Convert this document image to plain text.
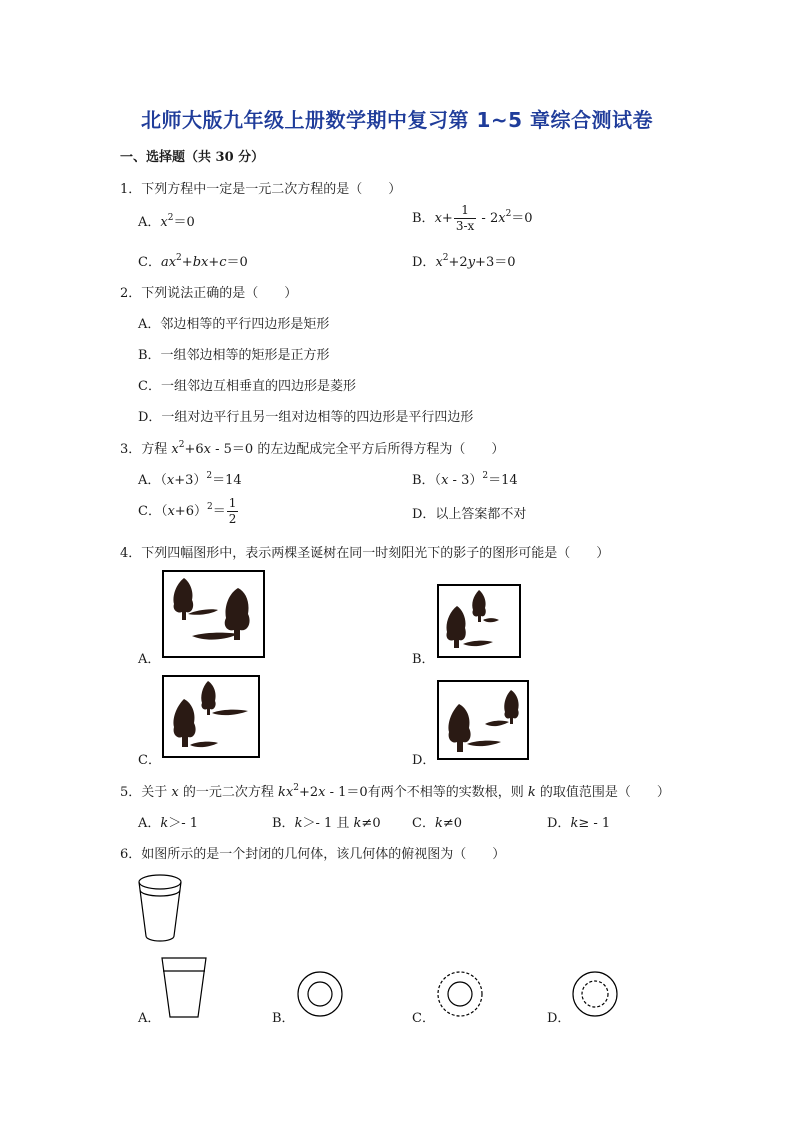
北师大版九年级上册数学期中复习第 1~5 章综合测试卷
一、选择题（共 30 分）
1．下列方程中一定是一元二次方程的是（　　）
A．$x^2=0$	B．$x+ \frac{1}{3-x} - 2x^2=0$
C．$ax^2+bx+c=0$	D．$x^2+2y+3=0$
2．下列说法正确的是（　　）
A．邻边相等的平行四边形是矩形
B．一组邻边相等的矩形是正方形
C．一组邻边互相垂直的四边形是菱形
D．一组对边平行且另一组对边相等的四边形是平行四边形
3．方程 $x^2+6x - 5=0$ 的左边配成完全平方后所得方程为（　　）
A．$(x+3)^2=14$	B．（x - 3）$^2$＝14
C．$(x+6)^2= \frac{1}{2}$	D．以上答案都不对
4．下列四幅图形中，表示两棵圣诞树在同一时刻阳光下的影子的图形可能是（　　）
A．	B．
C．	D．
5．关于 x 的一元二次方程 $kx^2+2x - 1=0$有两个不相等的实数根，则 k 的取值范围是（　　）
A．k＞- 1	B．k＞- 1 且 k≠0 C．k≠0	D．k≥ - 1
6．如图所示的是一个封闭的几何体，该几何体的俯视图为（　　）
A．	B．	C．	D．
